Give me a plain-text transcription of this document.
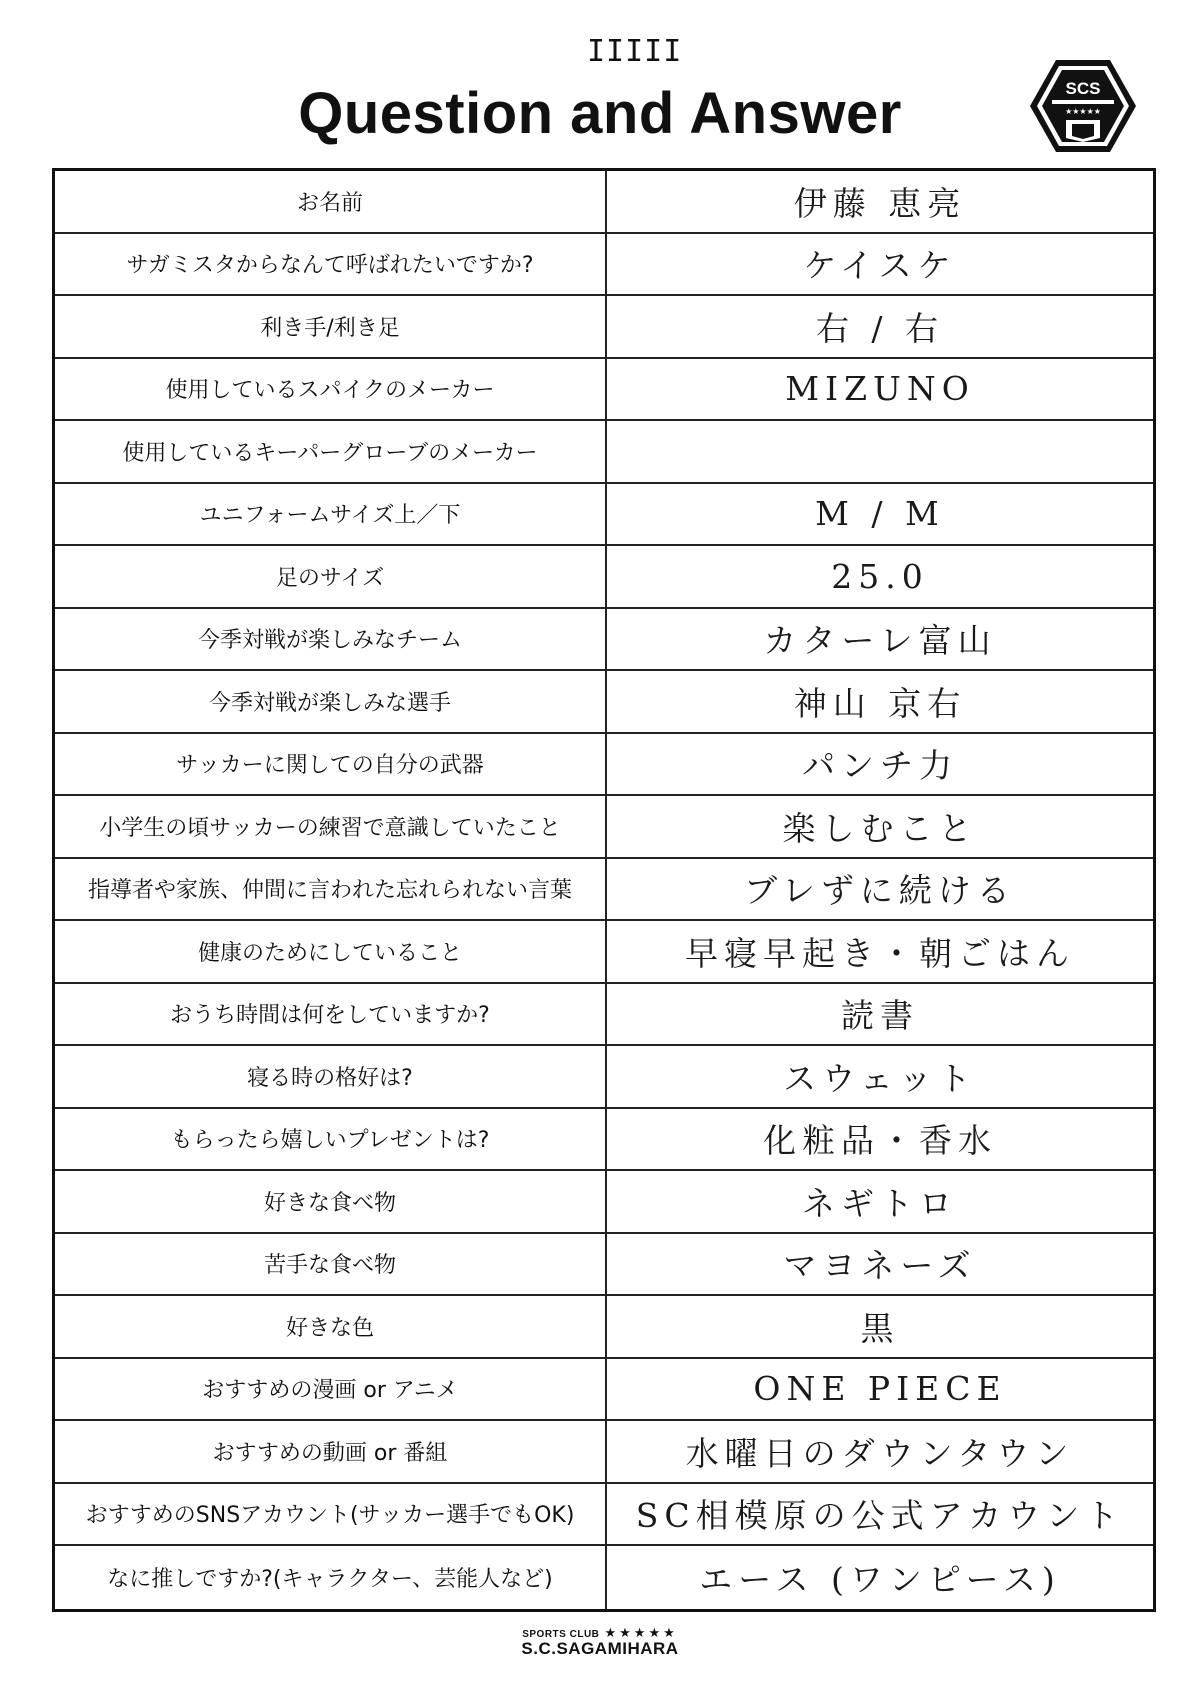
IIIII
Question and Answer	SCS
★★★★★
お名前	伊藤 恵亮
サガミスタからなんて呼ばれたいですか?	ケイスケ
利き手/利き足	右 / 右
使用しているスパイクのメーカー	MIZUNO
使用しているキーパーグローブのメーカー
ユニフォームサイズ上／下	M / M
足のサイズ	25.0
今季対戦が楽しみなチーム	カターレ富山
今季対戦が楽しみな選手	神山 京右
サッカーに関しての自分の武器	パンチ力
小学生の頃サッカーの練習で意識していたこと	楽しむこと
指導者や家族、仲間に言われた忘れられない言葉	ブレずに続ける
健康のためにしていること	早寝早起き・朝ごはん
おうち時間は何をしていますか?	読書
寝る時の格好は?	スウェット
もらったら嬉しいプレゼントは?	化粧品・香水
好きな食べ物	ネギトロ
苦手な食べ物	マヨネーズ
好きな色	黒
おすすめの漫画 or アニメ	ONE PIECE
おすすめの動画 or 番組	水曜日のダウンタウン
おすすめのSNSアカウント(サッカー選手でもOK)	SC相模原の公式アカウント
なに推しですか?(キャラクター、芸能人など)	エース (ワンピース)
SPORTS CLUB ★★★★★
S.C.SAGAMIHARA
